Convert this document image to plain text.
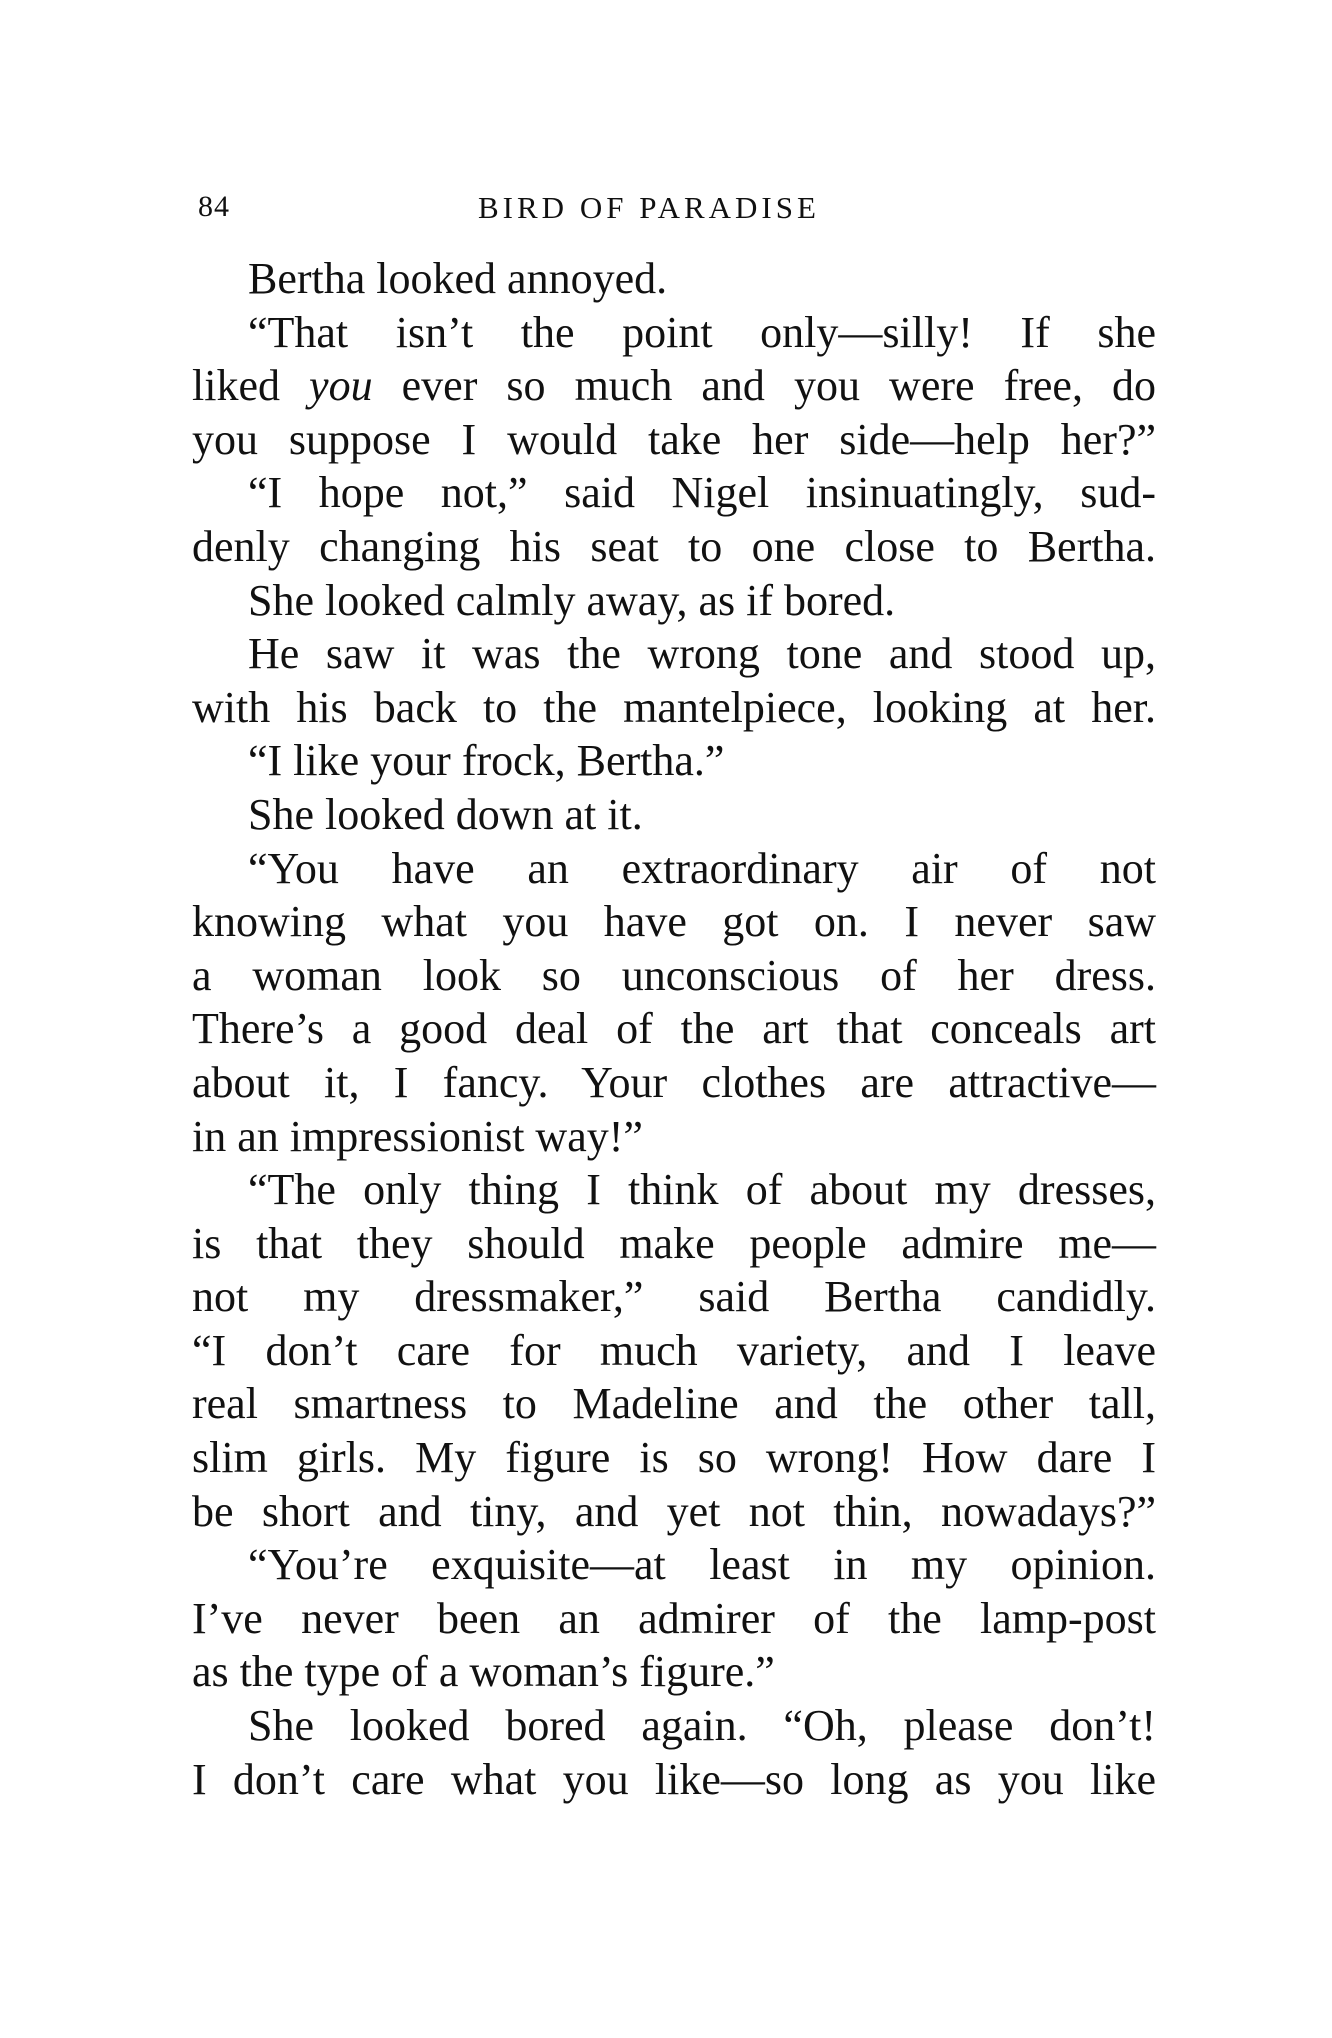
84	BIRD OF PARADISE
Bertha looked annoyed.
“That isn’t the point only—silly! If she
liked you ever so much and you were free, do
you suppose I would take her side—help her?”
“I hope not,” said Nigel insinuatingly, sud-
denly changing his seat to one close to Bertha.
She looked calmly away, as if bored.
He saw it was the wrong tone and stood up,
with his back to the mantelpiece, looking at her.
“I like your frock, Bertha.”
She looked down at it.
“You have an extraordinary air of not
knowing what you have got on. I never saw
a woman look so unconscious of her dress.
There’s a good deal of the art that conceals art
about it, I fancy. Your clothes are attractive—
in an impressionist way!”
“The only thing I think of about my dresses,
is that they should make people admire me—
not my dressmaker,” said Bertha candidly.
“I don’t care for much variety, and I leave
real smartness to Madeline and the other tall,
slim girls. My figure is so wrong! How dare I
be short and tiny, and yet not thin, nowadays?”
“You’re exquisite—at least in my opinion.
I’ve never been an admirer of the lamp-post
as the type of a woman’s figure.”
She looked bored again. “Oh, please don’t!
I don’t care what you like—so long as you like
